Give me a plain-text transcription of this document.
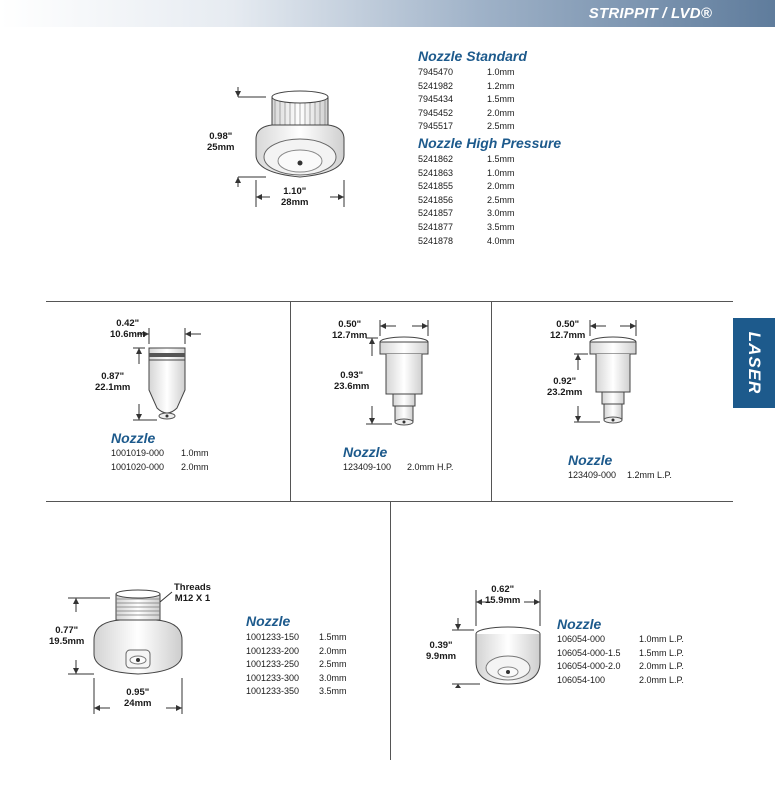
STRIPPIT / LVD®
LASER
0.98"
25mm
1.10"
28mm
Nozzle Standard
7945470	1.0mm
5241982	1.2mm
7945434	1.5mm
7945452	2.0mm
7945517	2.5mm
Nozzle High Pressure
5241862	1.5mm
5241863	1.0mm
5241855	2.0mm
5241856	2.5mm
5241857	3.0mm
5241877	3.5mm
5241878	4.0mm
0.42"
10.6mm
0.87"
22.1mm
Nozzle
1001019-000	1.0mm
1001020-000	2.0mm
0.50"
12.7mm
0.93"
23.6mm
Nozzle
123409-100	2.0mm H.P.
0.50"
12.7mm
0.92"
23.2mm
Nozzle
123409-000	1.2mm L.P.
Threads
M12 X 1
0.77"
19.5mm
0.95"
24mm
Nozzle
1001233-150	1.5mm
1001233-200	2.0mm
1001233-250	2.5mm
1001233-300	3.0mm
1001233-350	3.5mm
0.62"
15.9mm
0.39"
9.9mm
Nozzle
106054-000	1.0mm L.P.
106054-000-1.5	1.5mm L.P.
106054-000-2.0	2.0mm L.P.
106054-100	2.0mm L.P.
